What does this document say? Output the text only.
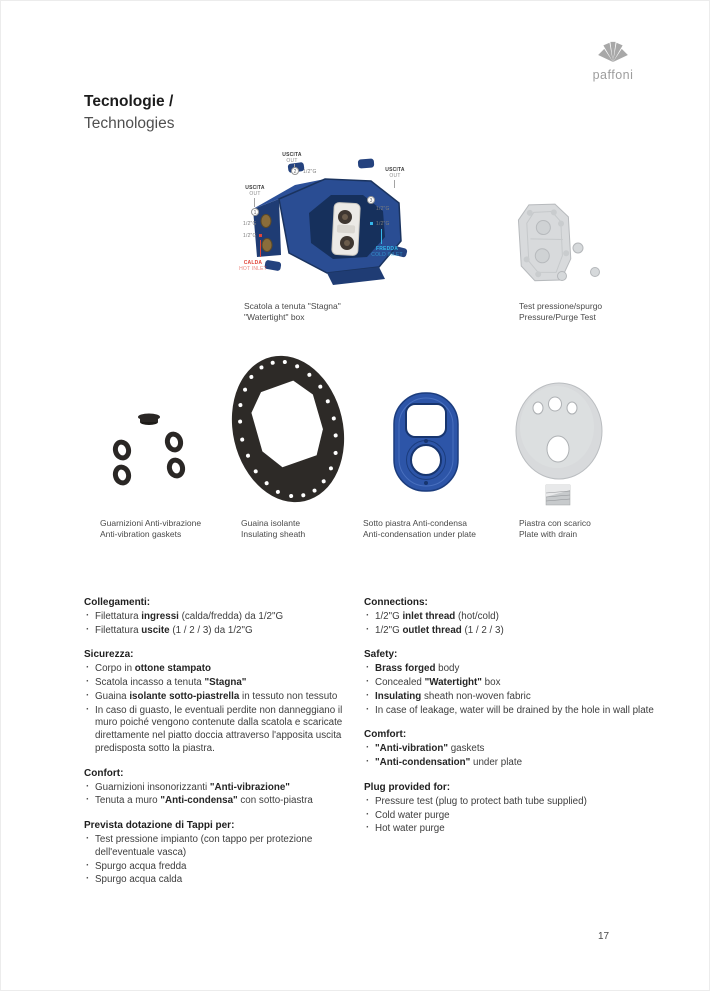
paffoni
Tecnologie /
Technologies
USCITA
OUT
2	1/2"G
USCITA
OUT
1
1/2"G
1/2"G
CALDA
HOT INLET
USCITA
OUT
3
1/2"G
1/2"G
FREDDA
COLD INLET
Scatola a tenuta "Stagna"
"Watertight" box
Test pressione/spurgo
Pressure/Purge Test
Guarnizioni Anti-vibrazione
Anti-vibration gaskets
Guaina isolante
Insulating sheath
Sotto piastra Anti-condensa
Anti-condensation under plate
Piastra con scarico
Plate with drain
Collegamenti:
· Filettatura ingressi (calda/fredda) da 1/2"G
· Filettatura uscite (1 / 2 / 3) da 1/2"G
Sicurezza:
· Corpo in ottone stampato
· Scatola incasso a tenuta "Stagna"
· Guaina isolante sotto-piastrella in tessuto non tessuto
· In caso di guasto, le eventuali perdite non danneggiano il muro poiché vengono contenute dalla scatola e scaricate direttamente nel piatto doccia attraverso l'apposita uscita predisposta sotto la piastra.
Confort:
· Guarnizioni insonorizzanti "Anti-vibrazione"
· Tenuta a muro "Anti-condensa" con sotto-piastra
Prevista dotazione di Tappi per:
· Test pressione impianto (con tappo per protezione dell'eventuale vasca)
· Spurgo acqua fredda
· Spurgo acqua calda
Connections:
· 1/2"G inlet thread (hot/cold)
· 1/2"G outlet thread (1 / 2 / 3)
Safety:
· Brass forged body
· Concealed "Watertight" box
· Insulating sheath non-woven fabric
· In case of leakage, water will be drained by the hole in wall plate
Comfort:
· "Anti-vibration" gaskets
· "Anti-condensation" under plate
Plug provided for:
· Pressure test (plug to protect bath tube supplied)
· Cold water purge
· Hot water purge
17
